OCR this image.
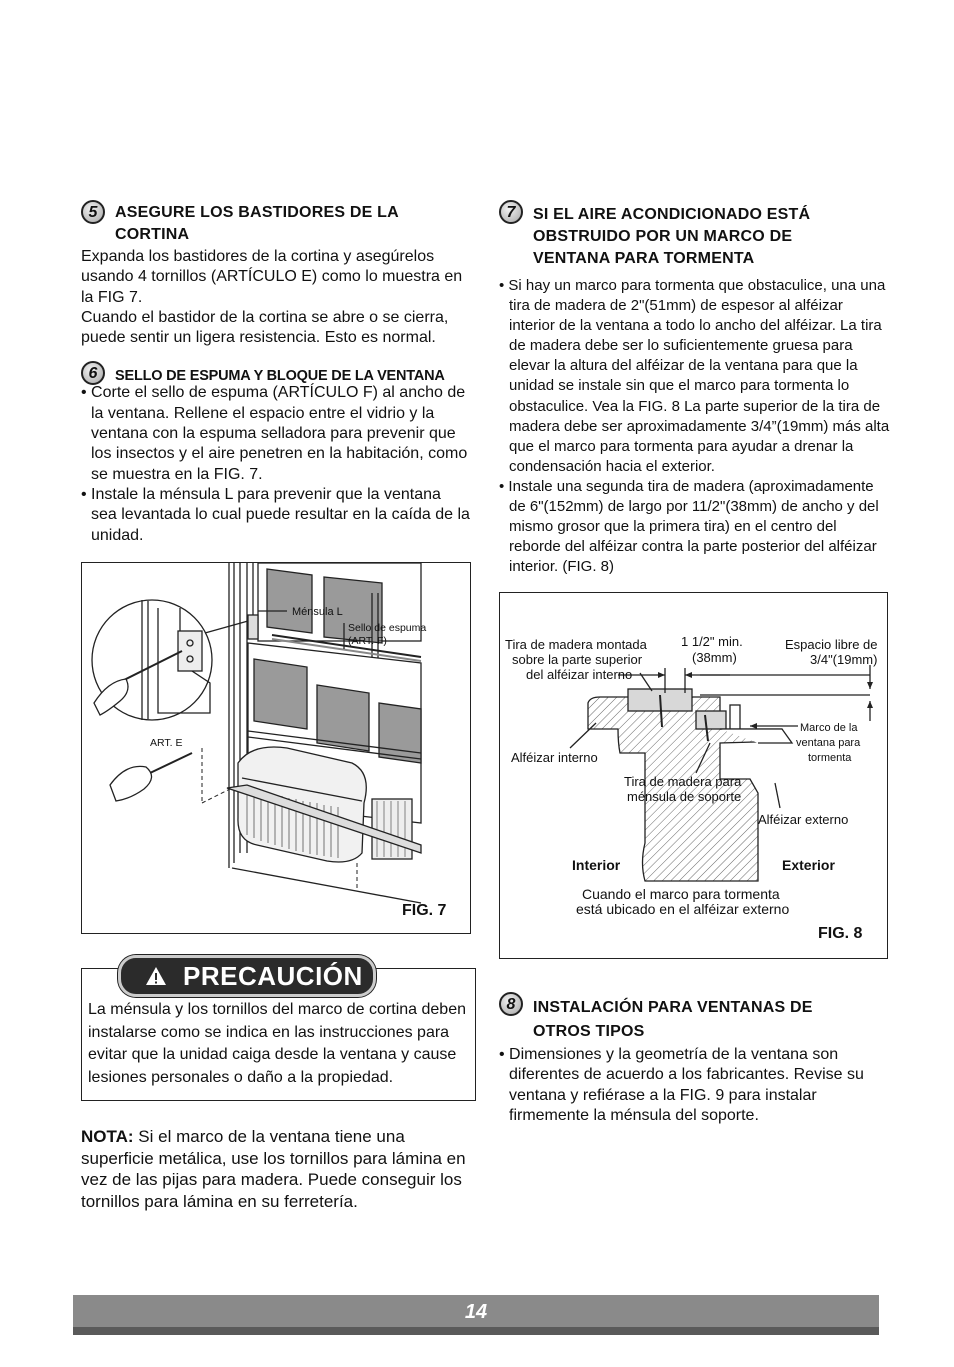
5	ASEGURE LOS BASTIDORES DE LA CORTINA

Expanda los bastidores de la cortina y asegúrelos usando 4 tornillos (ARTÍCULO E) como lo muestra en la FIG 7.

Cuando el bastidor de la cortina se abre o se cierra, puede sentir un ligera resistencia. Esto es normal.

6	SELLO DE ESPUMA Y BLOQUE DE LA VENTANA

• Corte el sello de espuma (ARTÍCULO F) al ancho de la ventana. Rellene el espacio entre el vidrio y la ventana con la espuma selladora para prevenir que los insectos y el aire penetren en la habitación, como se muestra en la FIG. 7.

• Instale la ménsula L para prevenir que la ventana sea levantada lo cual puede resultar en la caída de la unidad.

Ménsula L
Sello de espuma
(ART. F)
ART. E
FIG. 7
PRECAUCIÓN
La ménsula y los tornillos del marco de cortina deben instalarse como se indica en las instrucciones para evitar que la unidad caiga desde la ventana y cause lesiones personales o daño a la propiedad.
NOTA: Si el marco de la ventana tiene una superficie metálica, use los tornillos para lámina en vez de las pijas para madera. Puede conseguir los tornillos para lámina en su ferretería.
7	SI EL AIRE ACONDICIONADO ESTÁ OBSTRUIDO POR UN MARCO DE VENTANA PARA TORMENTA

• Si hay un marco para tormenta que obstaculice, una una tira de madera de 2"(51mm) de espesor al alféizar interior de la ventana a todo lo ancho del alféizar. La tira de madera debe ser lo suficientemente gruesa para elevar la altura del alféizar de la ventana para que la unidad se instale sin que el marco para tormenta lo obstaculice. Vea la FIG. 8 La parte superior de la tira de madera debe ser aproximadamente 3/4”(19mm) más alta que el marco para tormenta para ayudar a drenar la condensación hacia el exterior.

• Instale una segunda tira de madera (aproximadamente de 6"(152mm) de largo por 11/2"(38mm) de ancho y del mismo grosor que la primera tira) en el centro del reborde del alféizar contra la parte posterior del alféizar interior. (FIG. 8)

Tira de madera montada
sobre la parte superior
del alféizar interno
1 1/2" min.
(38mm)
Espacio libre de
3/4"(19mm)
Marco de la
ventana para
tormenta
Alféizar interno
Tira de madera para
ménsula de soporte
Alféizar externo
Interior	Exterior
Cuando el marco para tormenta
está ubicado en el alféizar externo
FIG. 8
8	INSTALACIÓN PARA VENTANAS DE OTROS TIPOS

• Dimensiones y la geometría de la ventana son diferentes de acuerdo a los fabricantes. Revise su ventana y refiérase a la FIG. 9 para instalar firmemente la ménsula del soporte.

14
